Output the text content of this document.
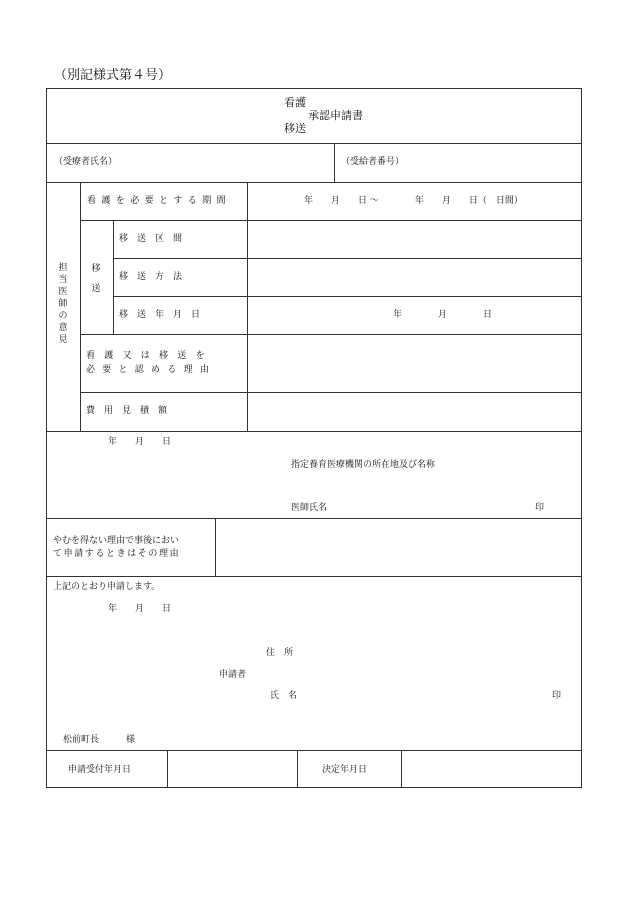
（別記様式第４号）
看護
承認申請書
移送
（受療者氏名）	（受給者番号）
担当医師の意見
看護を必要とする期間	年　　月　　日 〜　　　　年　　月　　日（　日間）
移送
移　送　区　間
移　送　方　法
移　送　年　月　日	年　　　　月　　　　日
看 護 又 は 移 送 を
必 要 と 認 め る 理 由
費　用　見　積　額
年　　月　　日
指定養育医療機関の所在地及び名称
医師氏名	印
やむを得ない理由で事後におい
て申請するときはその理由
上記のとおり申請します。
年　　月　　日
住　所
申請者
氏　名	印
松前町長　　　様
申請受付年月日	決定年月日
